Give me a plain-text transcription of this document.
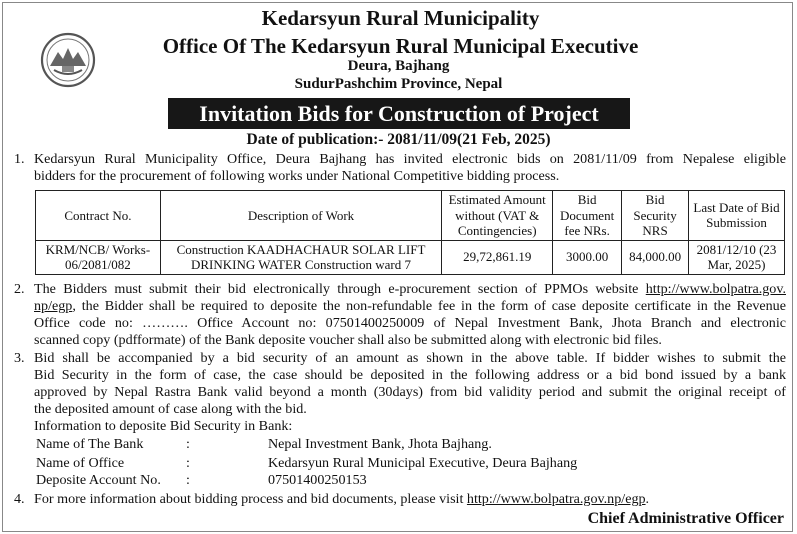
Kedarsyun Rural Municipality
Office Of The Kedarsyun Rural Municipal Executive
Deura, Bajhang
SudurPashchim Province, Nepal
Invitation Bids for Construction of Project
Date of publication:- 2081/11/09(21 Feb, 2025)
1. Kedarsyun Rural Municipality Office, Deura Bajhang has invited electronic bids on 2081/11/09 from Nepalese eligible
bidders for the procurement of following works under National Competitive bidding process.
Contract No.	Description of Work	Estimated Amount without (VAT & Contingencies)	Bid Document fee NRs.	Bid Security NRS	Last Date of Bid Submission
KRM/NCB/ Works-06/2081/082	Construction KAADHACHAUR SOLAR LIFT DRINKING WATER Construction ward 7	29,72,861.19	3000.00	84,000.00	2081/12/10 (23 Mar, 2025)
2. The Bidders must submit their bid electronically through e-procurement section of PPMOs website http://www.bolpatra.gov.
np/egp, the Bidder shall be required to deposite the non-refundable fee in the form of case deposite certificate in the Revenue
Office code no: ………. Office Account no: 07501400250009 of Nepal Investment Bank, Jhota Branch and electronic
scanned copy (pdfformate) of the Bank deposite voucher shall also be submitted along with electronic bid files.
3. Bid shall be accompanied by a bid security of an amount as shown in the above table. If bidder wishes to submit the
Bid Security in the form of case, the case should be deposited in the following address or a bid bond issued by a bank
approved by Nepal Rastra Bank valid beyond a month (30days) from bid validity period and submit the original receipt of
the deposited amount of case along with the bid.
Information to deposite Bid Security in Bank:
Name of The Bank	:	Nepal Investment Bank, Jhota Bajhang.
Name of Office	:	Kedarsyun Rural Municipal Executive, Deura Bajhang
Deposite Account No. :	07501400250153
4. For more information about bidding process and bid documents, please visit http://www.bolpatra.gov.np/egp.
Chief Administrative Officer
